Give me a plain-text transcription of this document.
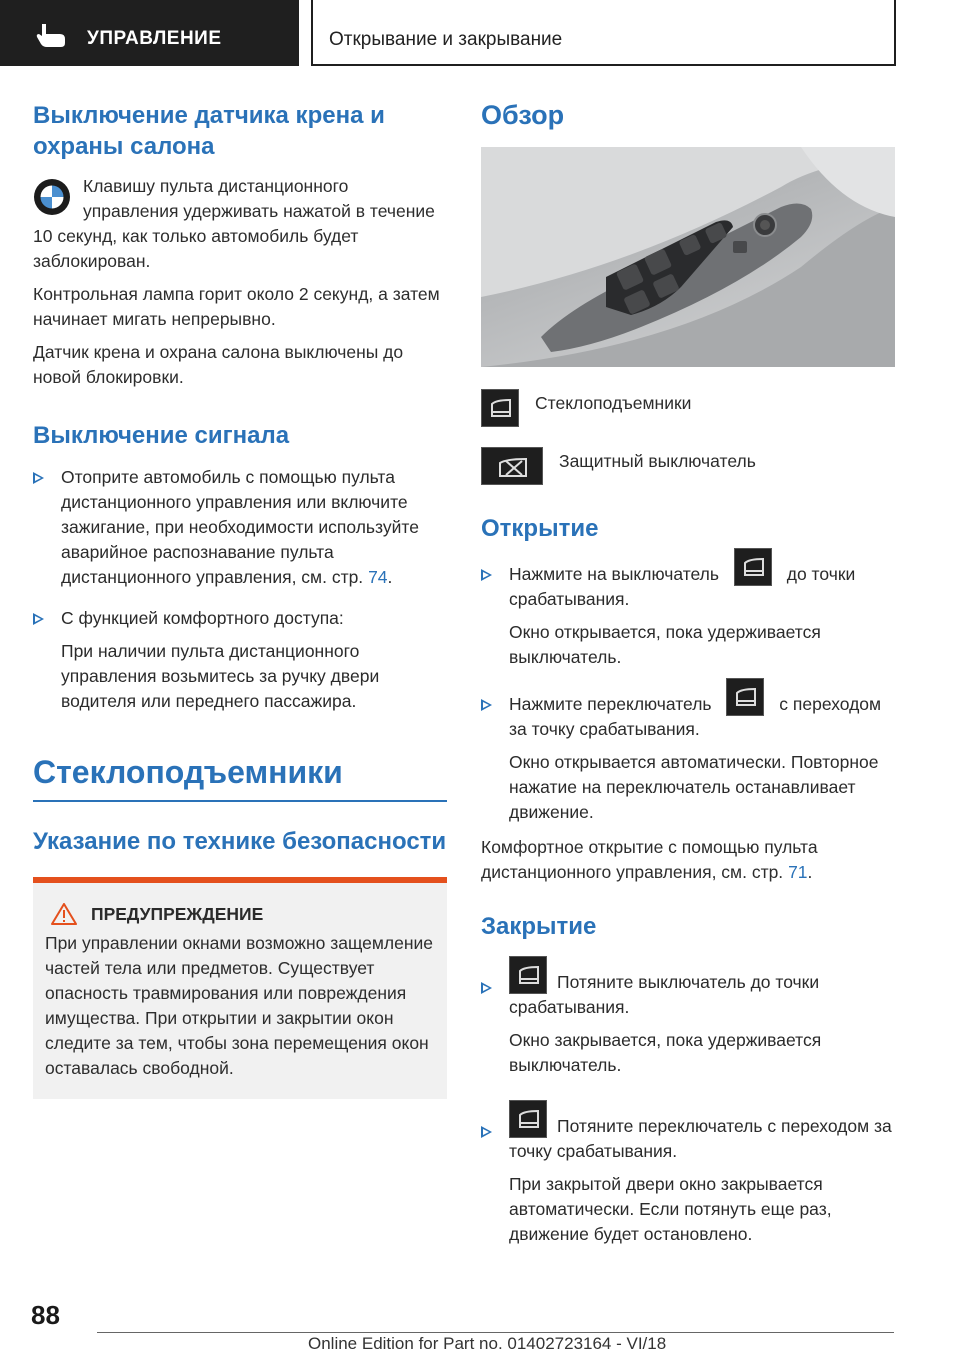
УПРАВЛЕНИЕ	Открывание и закрывание
Выключение датчика крена и охраны салона

Клавишу пульта дистанционного управления удерживать нажатой в течение 10 секунд, как только автомобиль будет заблокирован.

Контрольная лампа горит около 2 секунд, а затем начинает мигать непрерывно.

Датчик крена и охрана салона выключены до новой блокировки.

Выключение сигнала
Отоприте автомобиль с помощью пульта дистанционного управления или включите зажигание, при необходимости используйте аварийное распознавание пульта дистанционного управления, см. стр. 74.
С функцией комфортного доступа:
При наличии пульта дистанционного управления возьмитесь за ручку двери водителя или переднего пассажира.
Стеклоподъемники
Указание по технике безопасности
ПРЕДУПРЕЖДЕНИЕ

При управлении окнами возможно защемление частей тела или предметов. Существует опасность травмирования или повреждения имущества. При открытии и закрытии окон следите за тем, чтобы зона перемещения окон оставалась свободной.

Обзор
Стеклоподъемники
Защитный выключатель
Открытие
Нажмите на выключатель	до точки срабатывания.
Окно открывается, пока удерживается выключатель.
Нажмите переключатель	с переходом за точку срабатывания.
Окно открывается автоматически. Повторное нажатие на переключатель останавливает движение.
Комфортное открытие с помощью пульта дистанционного управления, см. стр. 71.
Закрытие
Потяните выключатель до точки срабатывания.
Окно закрывается, пока удерживается выключатель.
Потяните переключатель с переходом за точку срабатывания.
При закрытой двери окно закрывается автоматически. Если потянуть еще раз, движение будет остановлено.
88
Online Edition for Part no. 01402723164 - VI/18
